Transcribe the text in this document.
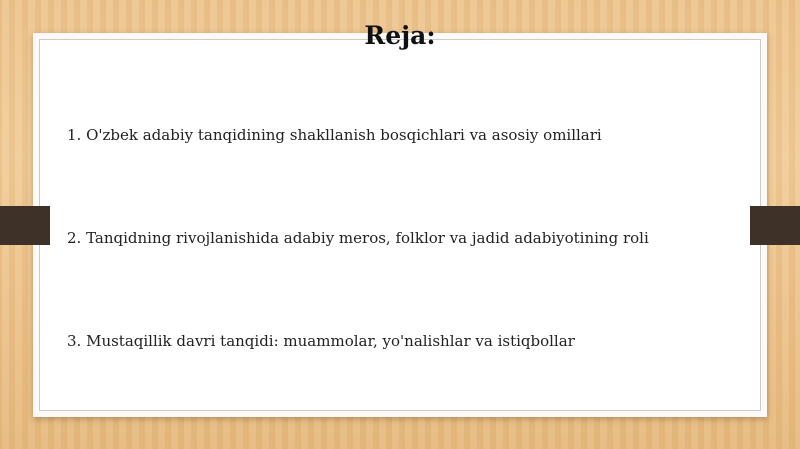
Reja:
1. O'zbek adabiy tanqidining shakllanish bosqichlari va asosiy omillari
2. Tanqidning rivojlanishida adabiy meros, folklor va jadid adabiyotining roli
3. Mustaqillik davri tanqidi: muammolar, yo'nalishlar va istiqbollar
